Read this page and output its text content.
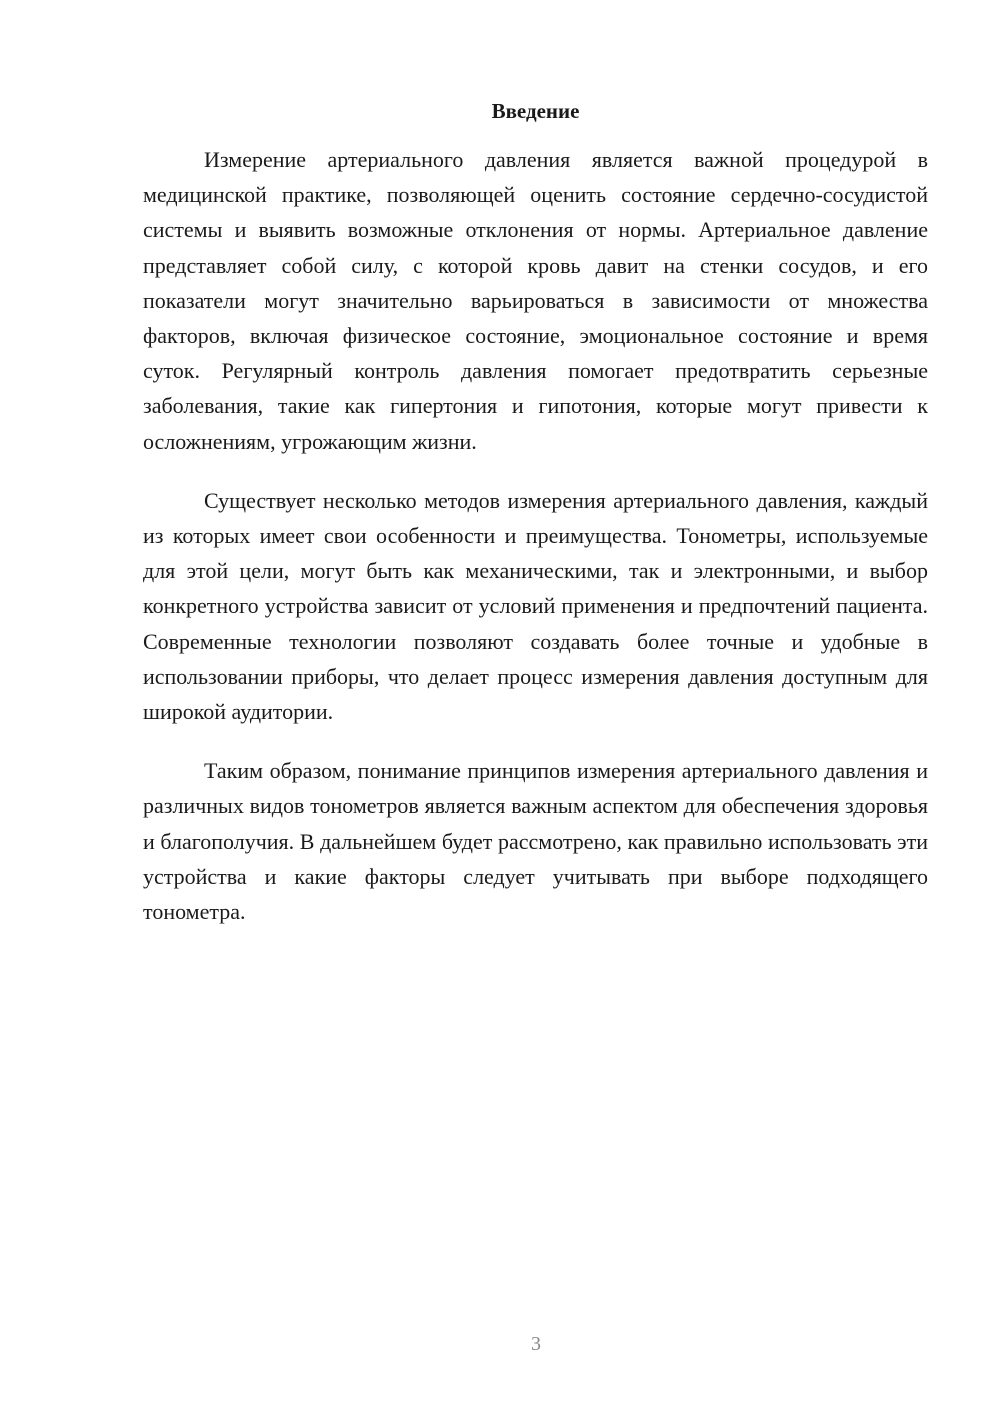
Введение

Измерение артериального давления является важной процедурой в медицинской практике, позволяющей оценить состояние сердечно-сосудистой системы и выявить возможные отклонения от нормы. Артериальное давление представляет собой силу, с которой кровь давит на стенки сосудов, и его показатели могут значительно варьироваться в зависимости от множества факторов, включая физическое состояние, эмоциональное состояние и время суток. Регулярный контроль давления помогает предотвратить серьезные заболевания, такие как гипертония и гипотония, которые могут привести к осложнениям, угрожающим жизни.

Существует несколько методов измерения артериального давления, каждый из которых имеет свои особенности и преимущества. Тонометры, используемые для этой цели, могут быть как механическими, так и электронными, и выбор конкретного устройства зависит от условий применения и предпочтений пациента. Современные технологии позволяют создавать более точные и удобные в использовании приборы, что делает процесс измерения давления доступным для широкой аудитории.

Таким образом, понимание принципов измерения артериального давления и различных видов тонометров является важным аспектом для обеспечения здоровья и благополучия. В дальнейшем будет рассмотрено, как правильно использовать эти устройства и какие факторы следует учитывать при выборе подходящего тонометра.

3
